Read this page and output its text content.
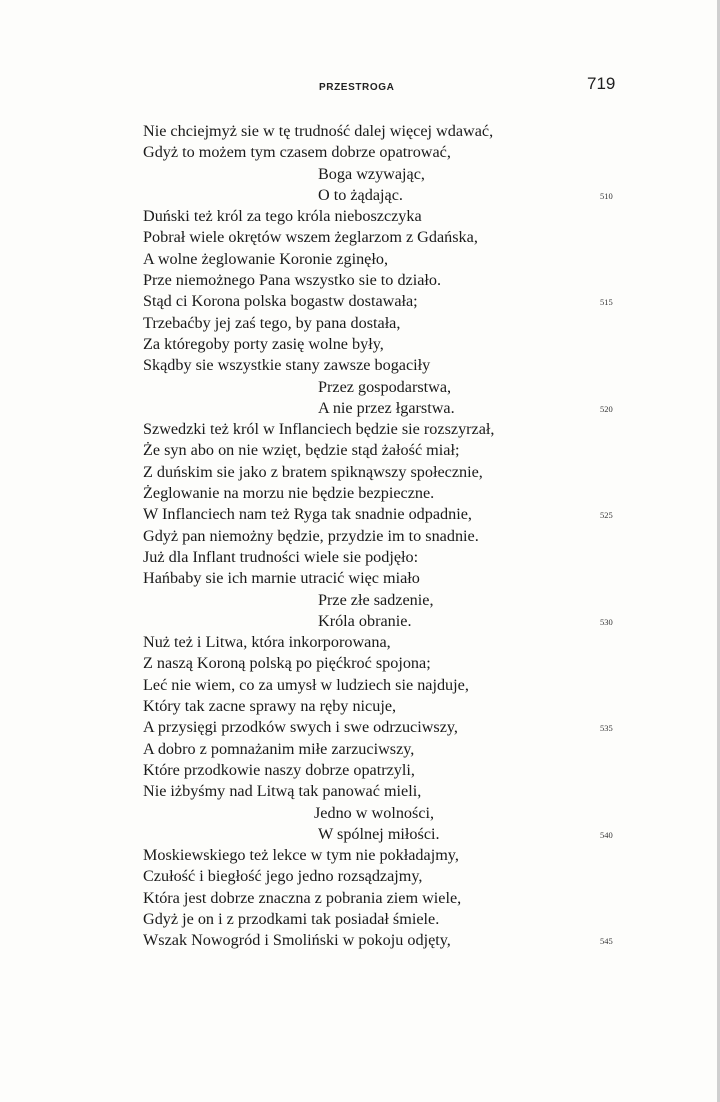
PRZESTROGA	719
Nie chciejmyż sie w tę trudność dalej więcej wdawać,
Gdyż to możem tym czasem dobrze opatrować,
Boga wzywając,
O to żądając.	510
Duński też król za tego króla nieboszczyka
Pobrał wiele okrętów wszem żeglarzom z Gdańska,
A wolne żeglowanie Koronie zginęło,
Prze niemożnego Pana wszystko sie to działo.
Stąd ci Korona polska bogastw dostawała;	515
Trzebaćby jej zaś tego, by pana dostała,
Za któregoby porty zasię wolne były,
Skądby sie wszystkie stany zawsze bogaciły
Przez gospodarstwa,
A nie przez łgarstwa.	520
Szwedzki też król w Inflanciech będzie sie rozszyrzał,
Że syn abo on nie wzięt, będzie stąd żałość miał;
Z duńskim sie jako z bratem spiknąwszy społecznie,
Żeglowanie na morzu nie będzie bezpieczne.
W Inflanciech nam też Ryga tak snadnie odpadnie,	525
Gdyż pan niemożny będzie, przydzie im to snadnie.
Już dla Inflant trudności wiele sie podjęło:
Hańbaby sie ich marnie utracić więc miało
Prze złe sadzenie,
Króla obranie.	530
Nuż też i Litwa, która inkorporowana,
Z naszą Koroną polską po pięćkroć spojona;
Leć nie wiem, co za umysł w ludziech sie najduje,
Który tak zacne sprawy na ręby nicuje,
A przysięgi przodków swych i swe odrzuciwszy,	535
A dobro z pomnażanim miłe zarzuciwszy,
Które przodkowie naszy dobrze opatrzyli,
Nie iżbyśmy nad Litwą tak panować mieli,
Jedno w wolności,
W spólnej miłości.	540
Moskiewskiego też lekce w tym nie pokładajmy,
Czułość i biegłość jego jedno rozsądzajmy,
Która jest dobrze znaczna z pobrania ziem wiele,
Gdyż je on i z przodkami tak posiadał śmiele.
Wszak Nowogród i Smoliński w pokoju odjęty,	545
